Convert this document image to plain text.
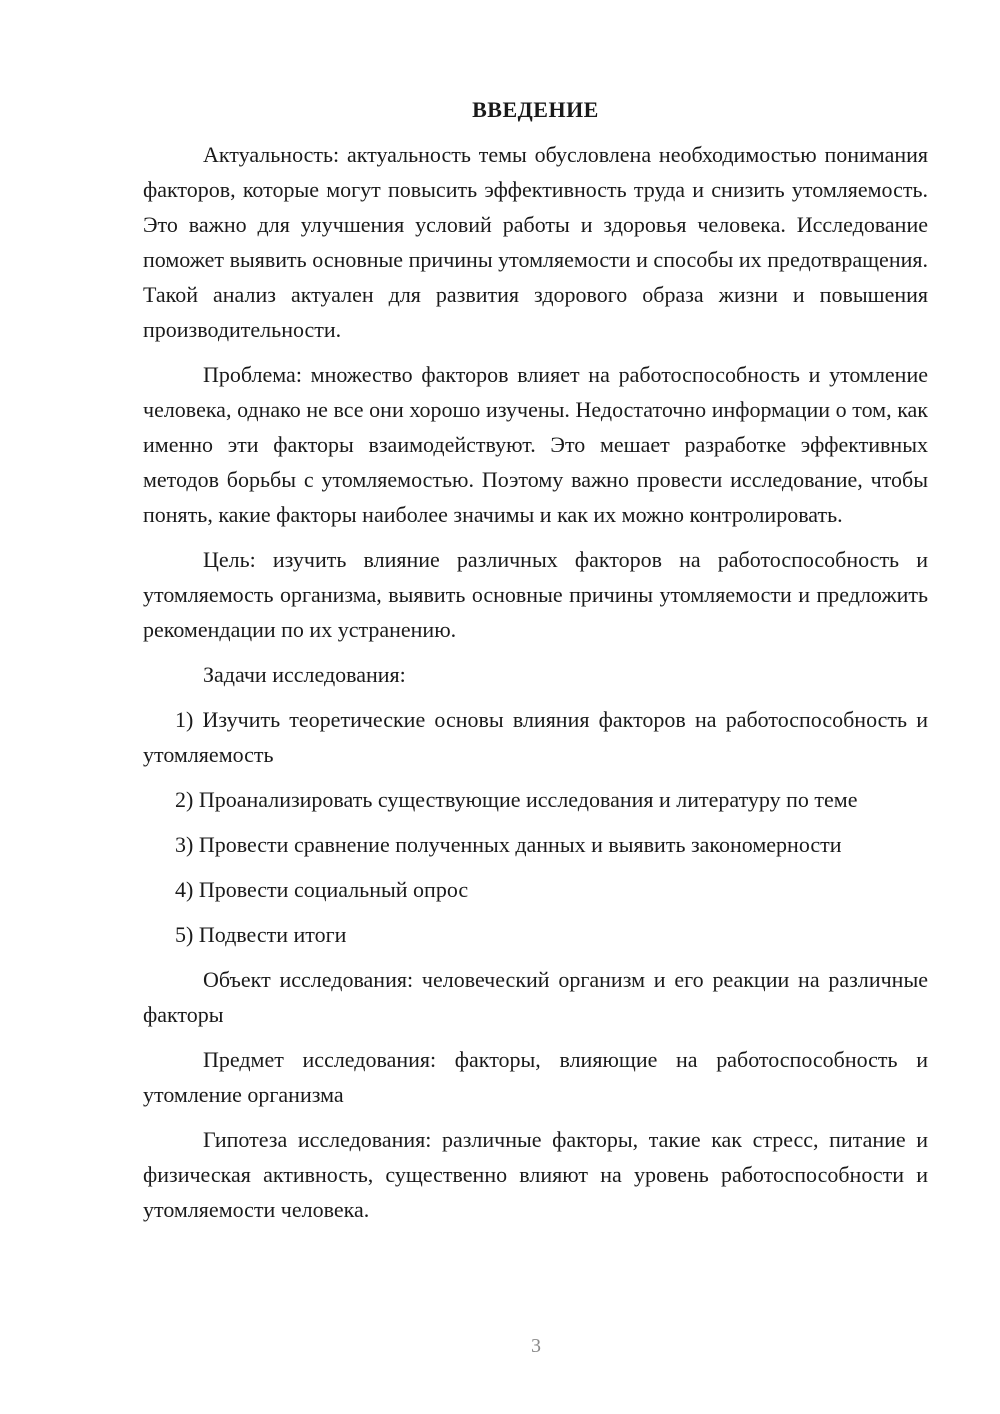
ВВЕДЕНИЕ

Актуальность: актуальность темы обусловлена необходимостью понимания факторов, которые могут повысить эффективность труда и снизить утомляемость. Это важно для улучшения условий работы и здоровья человека. Исследование поможет выявить основные причины утомляемости и способы их предотвращения. Такой анализ актуален для развития здорового образа жизни и повышения производительности.

Проблема: множество факторов влияет на работоспособность и утомление человека, однако не все они хорошо изучены. Недостаточно информации о том, как именно эти факторы взаимодействуют. Это мешает разработке эффективных методов борьбы с утомляемостью. Поэтому важно провести исследование, чтобы понять, какие факторы наиболее значимы и как их можно контролировать.

Цель: изучить влияние различных факторов на работоспособность и утомляемость организма, выявить основные причины утомляемости и предложить рекомендации по их устранению.

Задачи исследования:

1) Изучить теоретические основы влияния факторов на работоспособность и утомляемость

2) Проанализировать существующие исследования и литературу по теме

3) Провести сравнение полученных данных и выявить закономерности

4) Провести социальный опрос

5) Подвести итоги

Объект исследования: человеческий организм и его реакции на различные факторы

Предмет исследования: факторы, влияющие на работоспособность и утомление организма

Гипотеза исследования: различные факторы, такие как стресс, питание и физическая активность, существенно влияют на уровень работоспособности и утомляемости человека.

3
